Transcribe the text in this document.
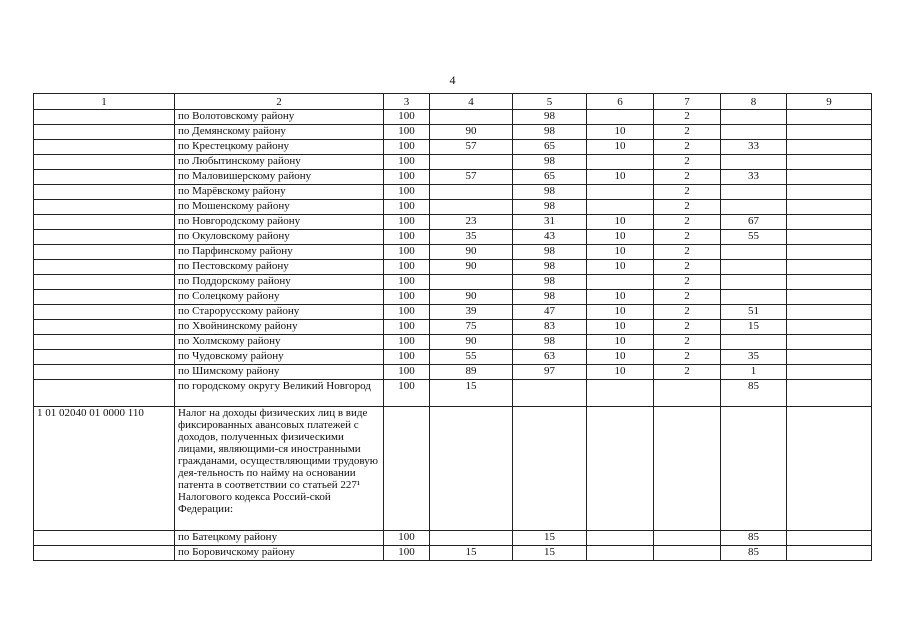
4
1	2	3	4	5	6	7	8	9
	по Волотовскому району	100		98		2		
	по Демянскому району	100	90	98	10	2		
	по Крестецкому району	100	57	65	10	2	33	
	по Любытинскому району	100		98		2		
	по Маловишерскому району	100	57	65	10	2	33	
	по Марёвскому району	100		98		2		
	по Мошенскому району	100		98		2		
	по Новгородскому району	100	23	31	10	2	67	
	по Окуловскому району	100	35	43	10	2	55	
	по Парфинскому району	100	90	98	10	2		
	по Пестовскому району	100	90	98	10	2		
	по Поддорскому району	100		98		2		
	по Солецкому району	100	90	98	10	2		
	по Старорусскому району	100	39	47	10	2	51	
	по Хвойнинскому району	100	75	83	10	2	15	
	по Холмскому району	100	90	98	10	2		
	по Чудовскому району	100	55	63	10	2	35	
	по Шимскому району	100	89	97	10	2	1	
	по городскому округу Великий Новгород	100	15				85	
1 01 02040 01 0000 110	Налог на доходы физических лиц в виде фиксированных авансовых платежей с доходов, полученных физическими лицами, являющими-ся иностранными гражданами, осуществляющими трудовую дея-тельность по найму на основании патента в соответствии со статьей 227¹ Налогового кодекса Россий-ской Федерации:							
	по Батецкому району	100		15			85	
	по Боровичскому району	100	15	15			85	
